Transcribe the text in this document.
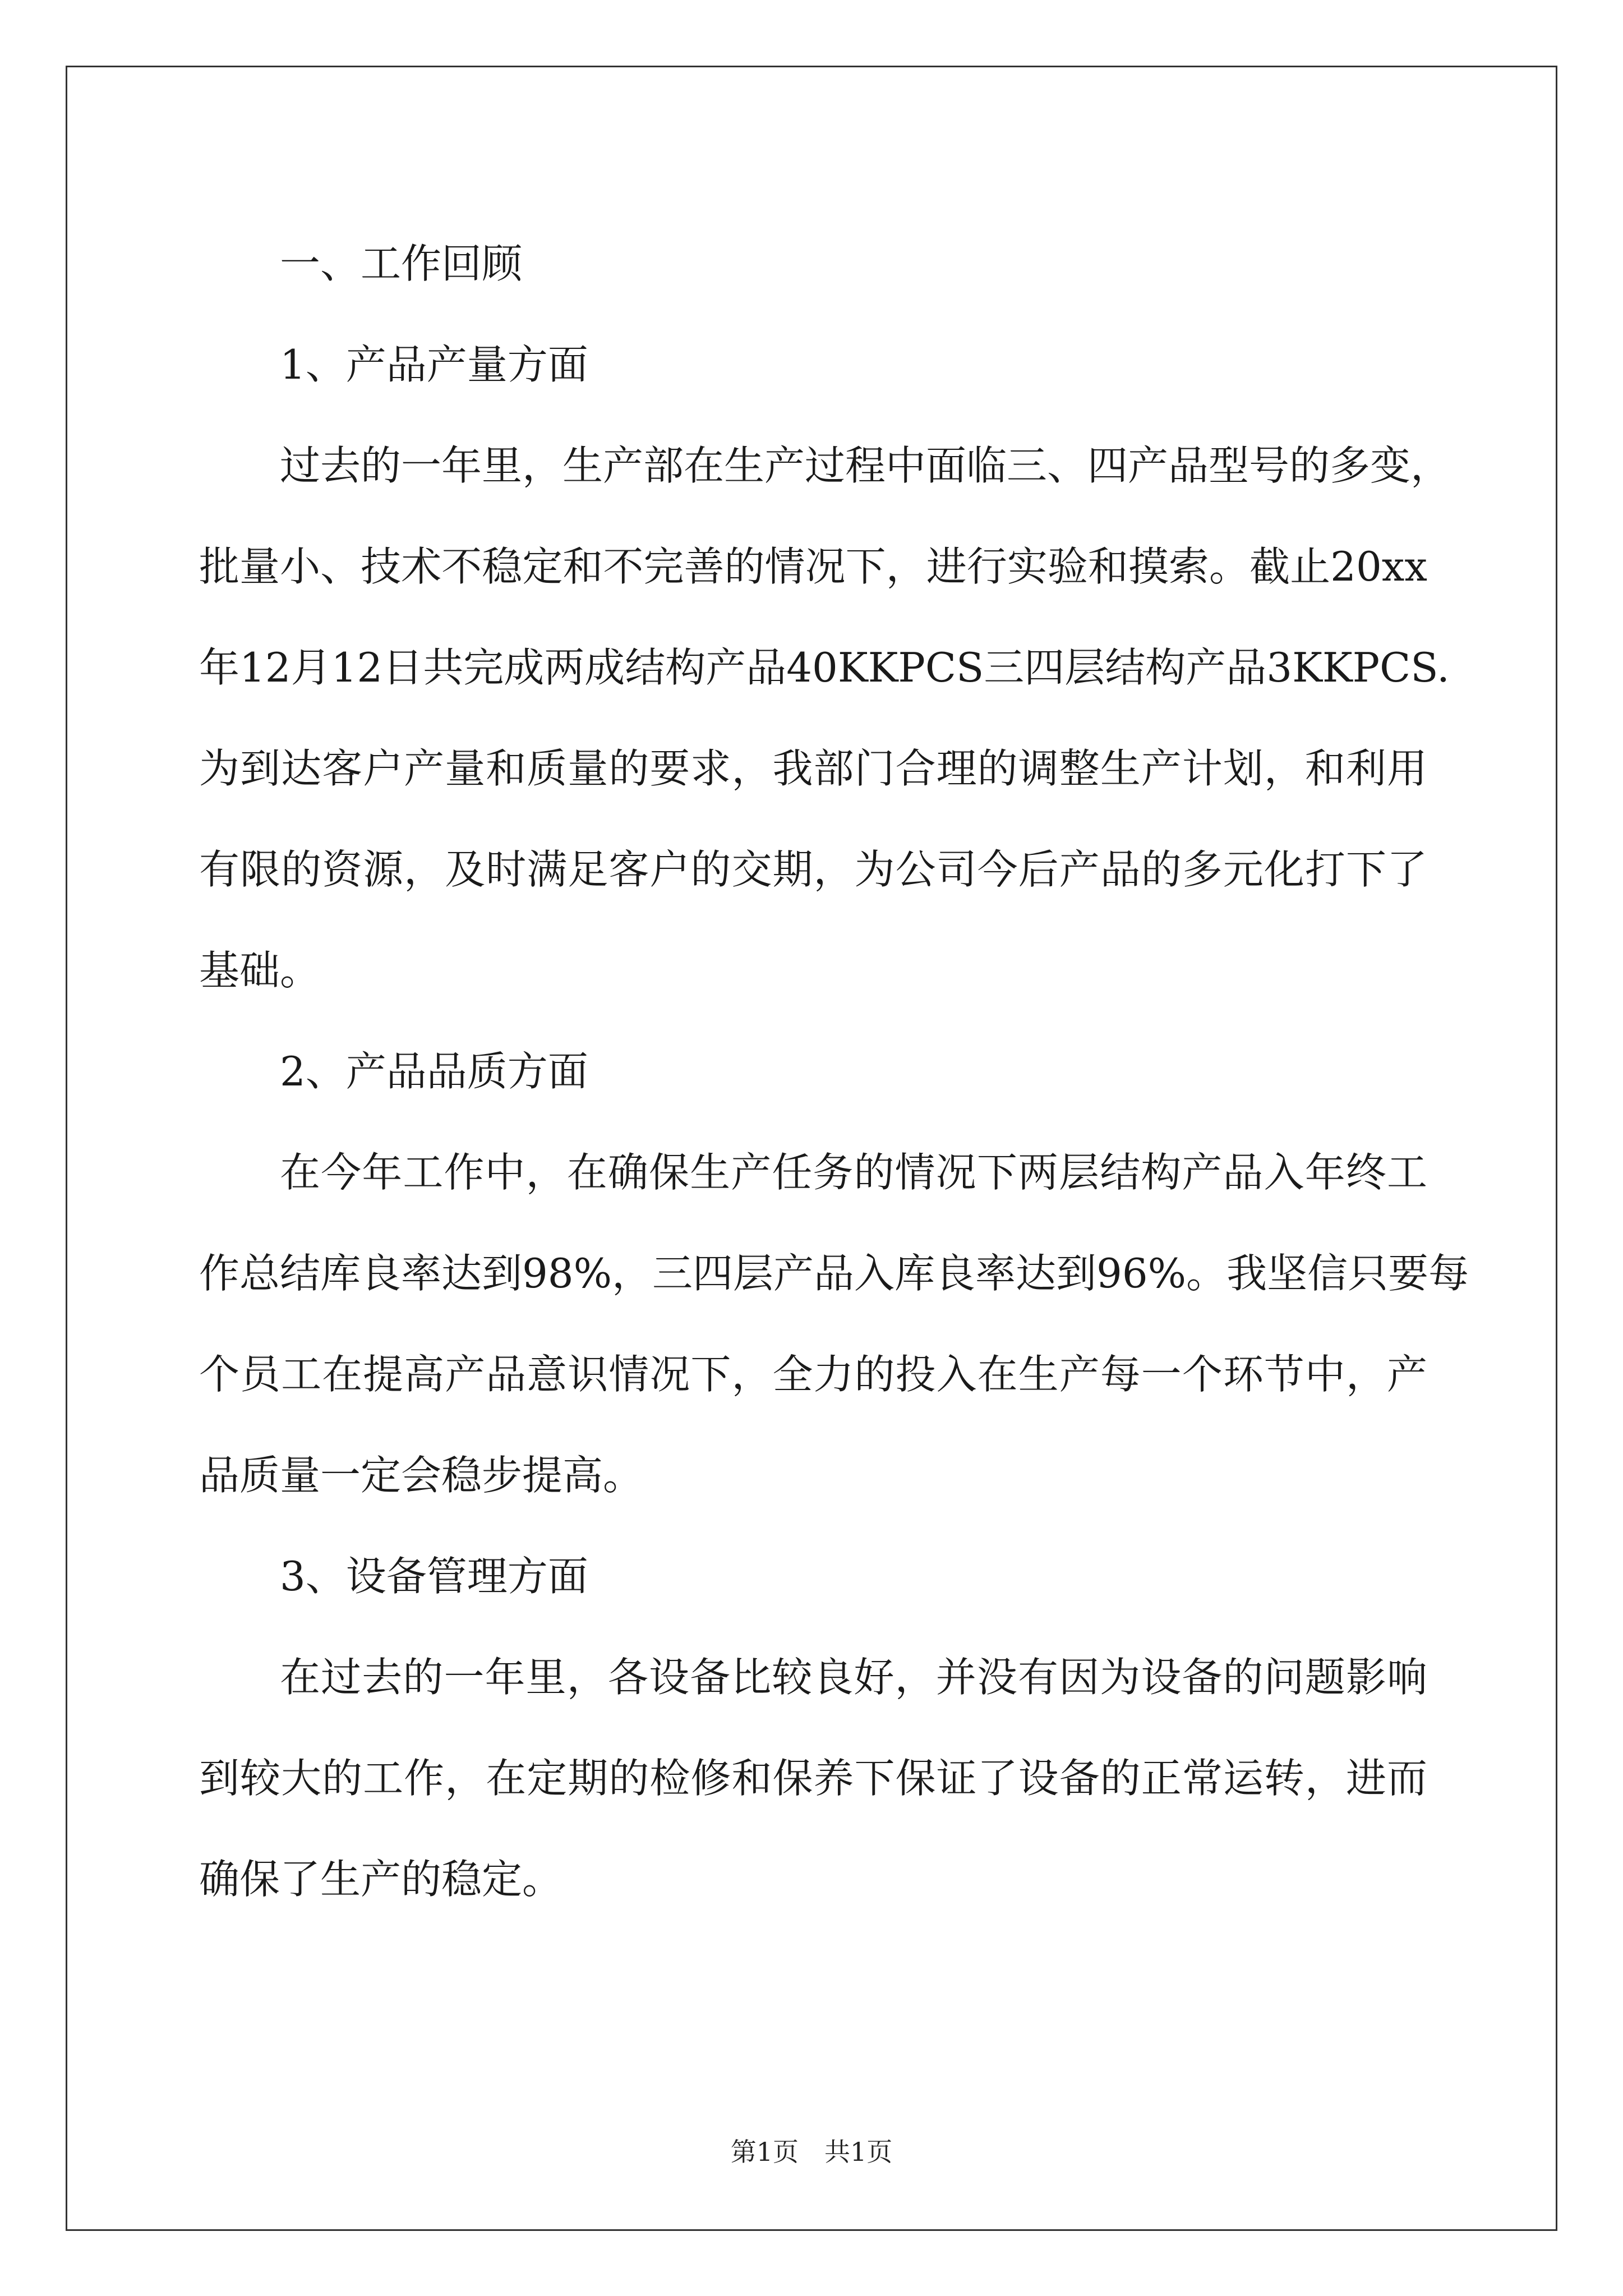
一、工作回顾
1、产品产量方面
过去的一年里，生产部在生产过程中面临三、四产品型号的多变，
批量小、技术不稳定和不完善的情况下，进行实验和摸索。截止20xx
年12月12日共完成两成结构产品40KKPCS三四层结构产品3KKPCS.
为到达客户产量和质量的要求，我部门合理的调整生产计划，和利用
有限的资源，及时满足客户的交期，为公司今后产品的多元化打下了
基础。
2、产品品质方面
在今年工作中，在确保生产任务的情况下两层结构产品入年终工
作总结库良率达到98%，三四层产品入库良率达到96%。我坚信只要每
个员工在提高产品意识情况下，全力的投入在生产每一个环节中，产
品质量一定会稳步提高。
3、设备管理方面
在过去的一年里，各设备比较良好，并没有因为设备的问题影响
到较大的工作，在定期的检修和保养下保证了设备的正常运转，进而
确保了生产的稳定。
第1页 共1页
